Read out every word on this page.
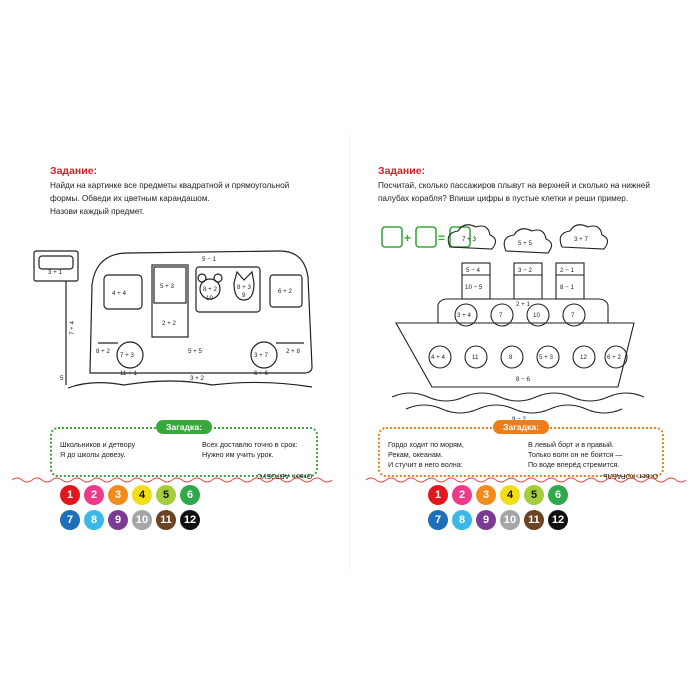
Задание:

Найди на картинке все предметы квадратной и прямоугольной формы. Обведи их цветным карандашом.

Назови каждый предмет.

3 + 1
7 + 4
5 − 1
4 + 4
5 + 3
2 + 2
8 + 2
10
8 + 3
9
6 + 2
7 + 3	3 + 7
11 + 1	6 + 6
8 + 2	2 + 8
5 + 5
3 + 2
5
Загадка:
Школьников и детвору
Я до школы довезу.
Всех доставлю точно в срок:
Нужно им учить урок.
Ответ: АВТОБУС
1	2	3	4	5	6
7	8	9	10	11	12
Задание:

Посчитай, сколько пассажиров плывут на верхней и сколько на нижней палубах корабля? Впиши цифры в пустые клетки и реши пример.

+ =	7 + 3
5 + 5
3 + 7
5 − 4
10 − 5
3 − 2	2 − 1
8 − 1
2 + 1
3 + 4	7	10	7
4 + 4	11	8	5 + 3	12	6 + 2
8 − 6
Загадка:
Гордо ходит по морям,
Рекам, океанам.
И стучит в него волна:
В левый борт и в правый.
Только волн он не боится —
По воде вперёд стремится.
Ответ: КОРАБЛЬ
1	2	3	4	5	6
7	8	9	10	11	12
